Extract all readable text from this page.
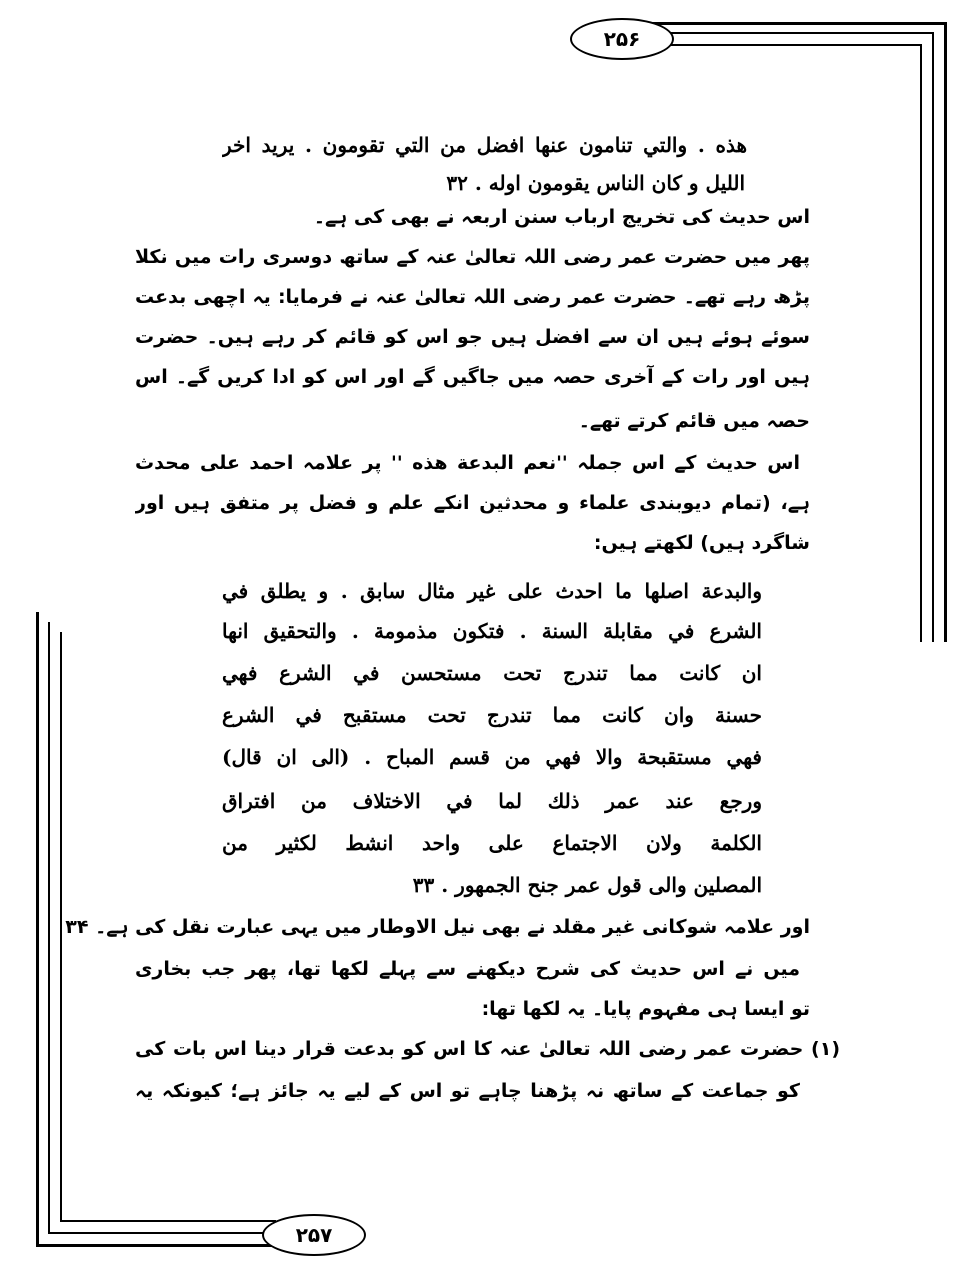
۲۵۶
۲۵۷
هذه . والتي تنامون عنها افضل من التي تقومون . يريد اخر
الليل و كان الناس يقومون اوله . ۳۲
اس حدیث کی تخریج ارباب سنن اربعہ نے بھی کی ہے۔
پھر میں حضرت عمر رضی اللہ تعالیٰ عنہ کے ساتھ دوسری رات میں نکلا
پڑھ رہے تھے۔ حضرت عمر رضی اللہ تعالیٰ عنہ نے فرمایا: یہ اچھی بدعت
سوئے ہوئے ہیں ان سے افضل ہیں جو اس کو قائم کر رہے ہیں۔ حضرت
ہیں اور رات کے آخری حصہ میں جاگیں گے اور اس کو ادا کریں گے۔ اس
حصہ میں قائم کرتے تھے۔
اس حدیث کے اس جملہ ''نعم البدعة هذه '' پر علامہ احمد علی محدث
ہے، (تمام دیوبندی علماء و محدثین انکے علم و فضل پر متفق ہیں اور
شاگرد ہیں) لکھتے ہیں:
والبدعة اصلها ما احدث على غير مثال سابق . و يطلق في
الشرع في مقابلة السنة . فتكون مذمومة . والتحقيق انها
ان كانت مما تندرج تحت مستحسن في الشرع فهي
حسنة وان كانت مما تندرج تحت مستقبح في الشرع
فهي مستقبحة والا فهي من قسم المباح . (الى ان قال)
ورجع عند عمر ذلك لما في الاختلاف من افتراق
الكلمة ولان الاجتماع على واحد انشط لكثير من
المصلين والى قول عمر جنح الجمهور . ۳۳
اور علامہ شوکانی غیر مقلد نے بھی نیل الاوطار میں یہی عبارت نقل کی ہے۔ ۳۴
میں نے اس حدیث کی شرح دیکھنے سے پہلے لکھا تھا، پھر جب بخاری
تو ایسا ہی مفہوم پایا۔ یہ لکھا تھا:
(۱) حضرت عمر رضی اللہ تعالیٰ عنہ کا اس کو بدعت قرار دینا اس بات کی
کو جماعت کے ساتھ نہ پڑھنا چاہے تو اس کے لیے یہ جائز ہے؛ کیونکہ یہ
